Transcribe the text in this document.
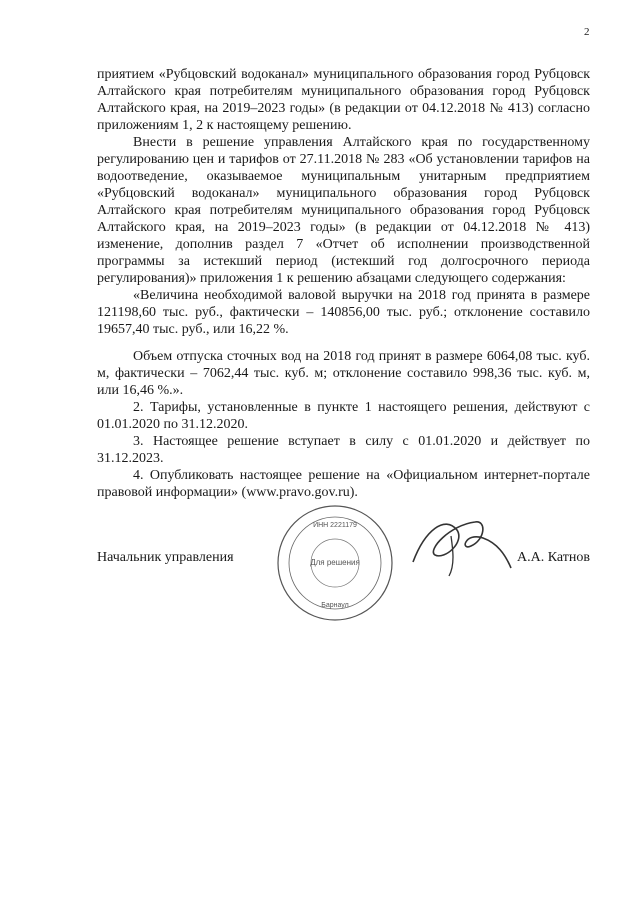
2

приятием «Рубцовский водоканал» муниципального образования город Рубцовск Алтайского края потребителям муниципального образования город Рубцовск Алтайского края, на 2019–2023 годы» (в редакции от 04.12.2018 № 413) согласно приложениям 1, 2 к настоящему решению.

Внести в решение управления Алтайского края по государственному регулированию цен и тарифов от 27.11.2018 № 283 «Об установлении тарифов на водоотведение, оказываемое муниципальным унитарным предприятием «Рубцовский водоканал» муниципального образования город Рубцовск Алтайского края потребителям муниципального образования город Рубцовск Алтайского края, на 2019–2023 годы» (в редакции от 04.12.2018 № 413) изменение, дополнив раздел 7 «Отчет об исполнении производственной программы за истекший период (истекший год долгосрочного периода регулирования)» приложения 1 к решению абзацами следующего содержания:

«Величина необходимой валовой выручки на 2018 год принята в размере 121198,60 тыс. руб., фактически – 140856,00 тыс. руб.; отклонение составило 19657,40 тыс. руб., или 16,22 %.

Объем отпуска сточных вод на 2018 год принят в размере 6064,08 тыс. куб. м, фактически – 7062,44 тыс. куб. м; отклонение составило 998,36 тыс. куб. м, или 16,46 %.».

2. Тарифы, установленные в пункте 1 настоящего решения, действуют с 01.01.2020 по 31.12.2020.

3. Настоящее решение вступает в силу с 01.01.2020 и действует по 31.12.2023.

4. Опубликовать настоящее решение на «Официальном интернет-портале правовой информации» (www.pravo.gov.ru).

ИНН 2221179
Для решения
Барнаул
Начальник управления	А.А. Катнов
